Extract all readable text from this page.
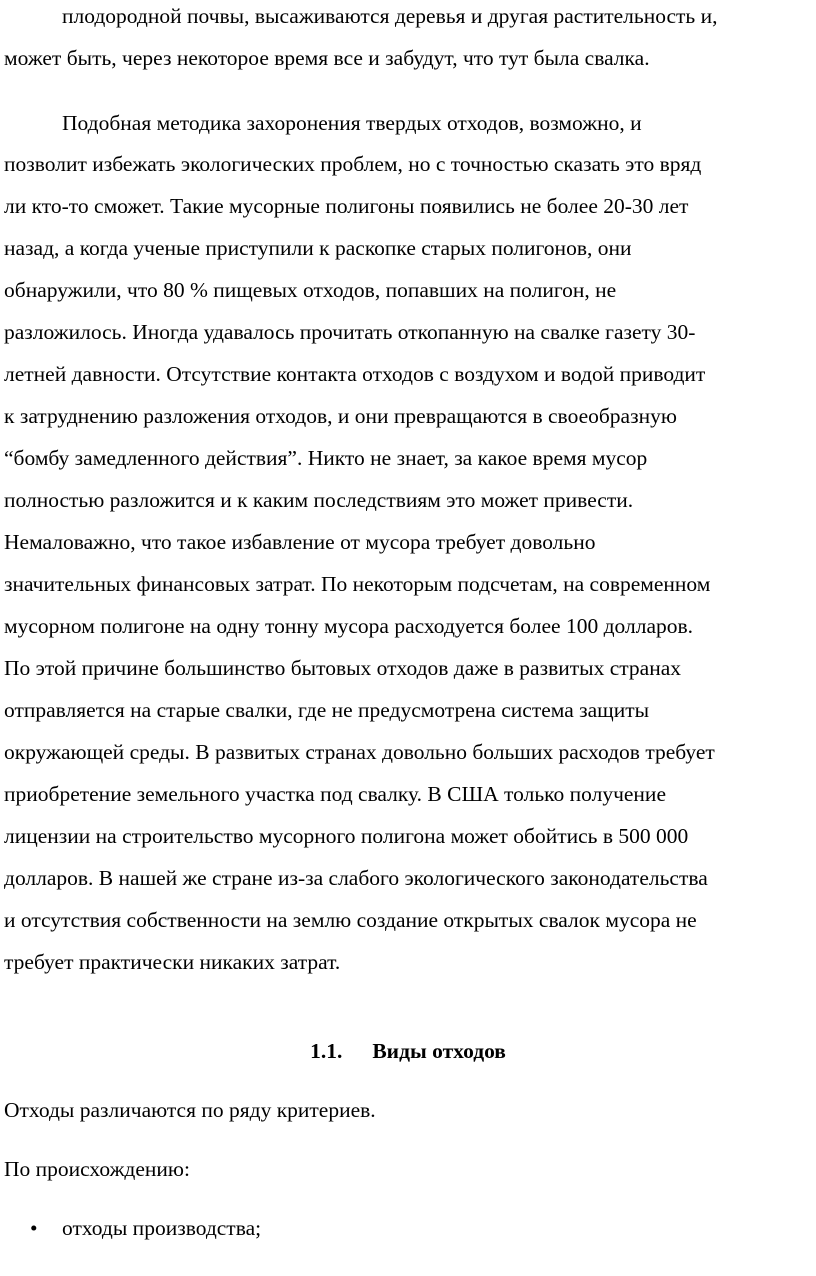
плодородной почвы, высаживаются деревья и другая растительность и,
может быть, через некоторое время все и забудут, что тут была свалка.
Подобная методика захоронения твердых отходов, возможно, и
позволит избежать экологических проблем, но с точностью сказать это вряд
ли кто-то сможет. Такие мусорные полигоны появились не более 20-30 лет
назад, а когда ученые приступили к раскопке старых полигонов, они
обнаружили, что 80 % пищевых отходов, попавших на полигон, не
разложилось. Иногда удавалось прочитать откопанную на свалке газету 30-
летней давности. Отсутствие контакта отходов с воздухом и водой приводит
к затруднению разложения отходов, и они превращаются в своеобразную
“бомбу замедленного действия”. Никто не знает, за какое время мусор
полностью разложится и к каким последствиям это может привести.
Немаловажно, что такое избавление от мусора требует довольно
значительных финансовых затрат. По некоторым подсчетам, на современном
мусорном полигоне на одну тонну мусора расходуется более 100 долларов.
По этой причине большинство бытовых отходов даже в развитых странах
отправляется на старые свалки, где не предусмотрена система защиты
окружающей среды. В развитых странах довольно больших расходов требует
приобретение земельного участка под свалку. В США только получение
лицензии на строительство мусорного полигона может обойтись в 500 000
долларов. В нашей же стране из-за слабого экологического законодательства
и отсутствия собственности на землю создание открытых свалок мусора не
требует практически никаких затрат.
1.1. Виды отходов
Отходы различаются по ряду критериев.
По происхождению:
• отходы производства;
